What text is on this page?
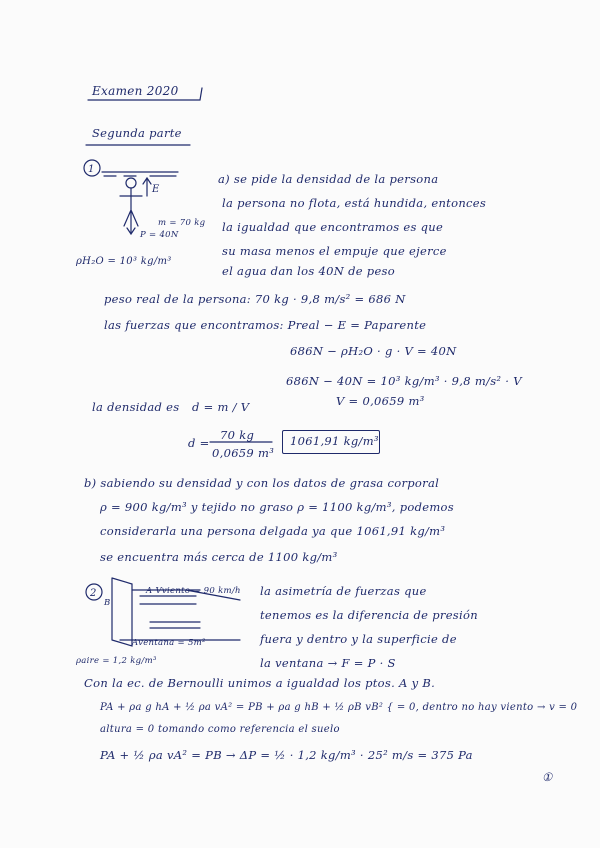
Examen 2020
Segunda parte
1
E
P = 40N
m = 70 kg
ρH₂O = 10³ kg/m³
a) se pide la densidad de la persona
la persona no flota, está hundida, entonces
la igualdad que encontramos es que
su masa menos el empuje que ejerce
el agua dan los 40N de peso
peso real de la persona: 70 kg · 9,8 m/s² = 686 N
las fuerzas que encontramos: Preal − E = Paparente
686N − ρH₂O · g · V = 40N
686N − 40N = 10³ kg/m³ · 9,8 m/s² · V
V = 0,0659 m³
la densidad es d = m / V
70 kg
d =
0,0659 m³
1061,91 kg/m³
b) sabiendo su densidad y con los datos de grasa corporal
ρ = 900 kg/m³ y tejido no graso ρ = 1100 kg/m³, podemos
considerarla una persona delgada ya que 1061,91 kg/m³
se encuentra más cerca de 1100 kg/m³
2	A Vviento = 90 km/h
B
Aventana = 5m²
ρaire = 1,2 kg/m³
la asimetría de fuerzas que
tenemos es la diferencia de presión
fuera y dentro y la superficie de
la ventana → F = P · S
Con la ec. de Bernoulli unimos a igualdad los ptos. A y B.
PA + ρa g hA + ½ ρa vA² = PB + ρa g hB + ½ ρB vB² { = 0, dentro no hay viento → v = 0
altura = 0 tomando como referencia el suelo
PA + ½ ρa vA² = PB → ΔP = ½ · 1,2 kg/m³ · 25² m/s = 375 Pa
①
